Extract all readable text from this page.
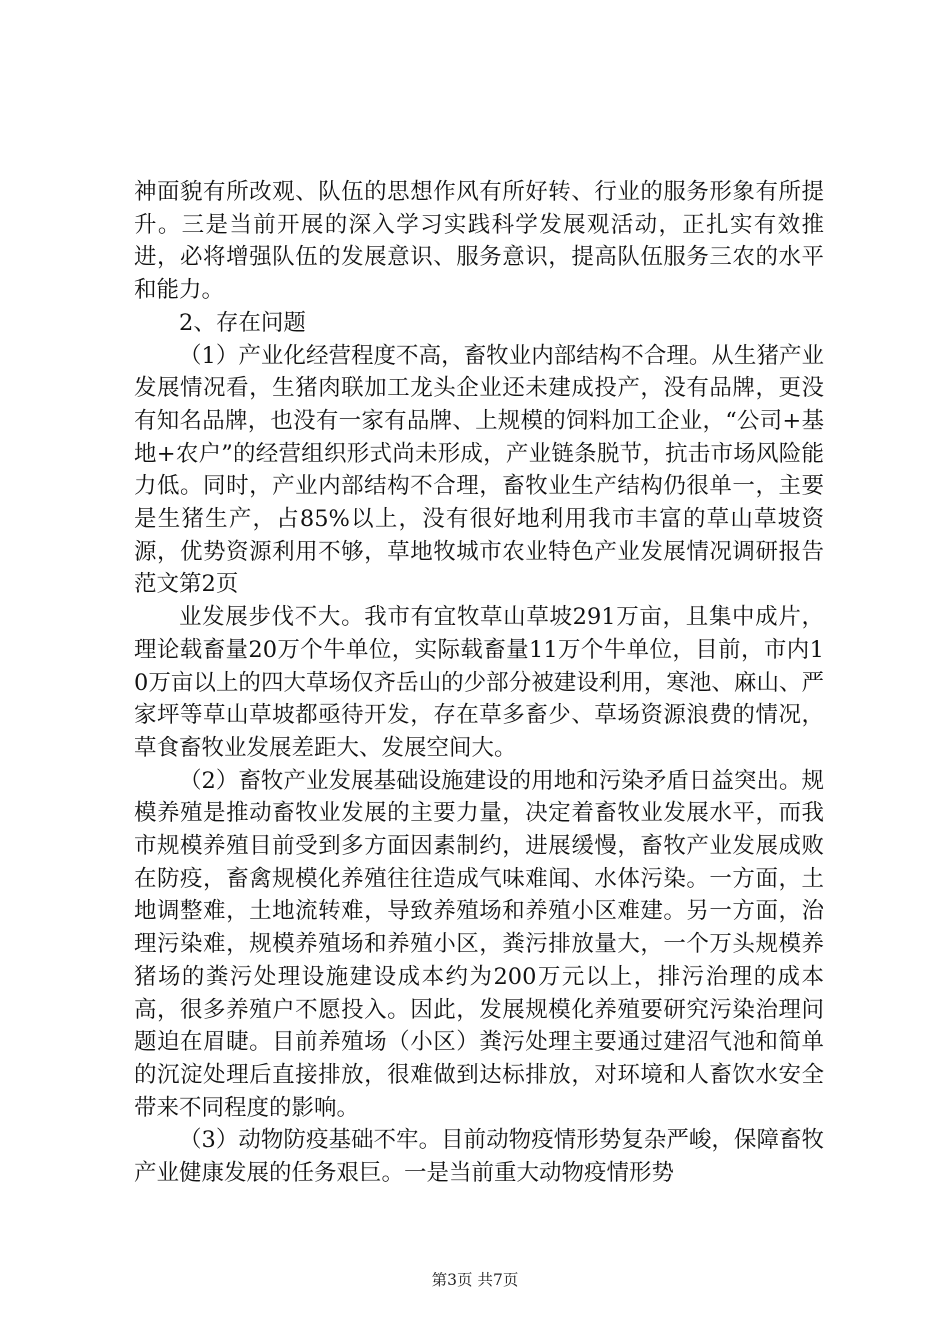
神面貌有所改观、队伍的思想作风有所好转、行业的服务形象有所提升。三是当前开展的深入学习实践科学发展观活动，正扎实有效推进，必将增强队伍的发展意识、服务意识，提高队伍服务三农的水平和能力。

2、存在问题

（1）产业化经营程度不高，畜牧业内部结构不合理。从生猪产业发展情况看，生猪肉联加工龙头企业还未建成投产，没有品牌，更没有知名品牌，也没有一家有品牌、上规模的饲料加工企业，“公司+基地+农户”的经营组织形式尚未形成，产业链条脱节，抗击市场风险能力低。同时，产业内部结构不合理，畜牧业生产结构仍很单一，主要是生猪生产，占85%以上，没有很好地利用我市丰富的草山草坡资源，优势资源利用不够，草地牧城市农业特色产业发展情况调研报告范文第2页

业发展步伐不大。我市有宜牧草山草坡291万亩，且集中成片，理论载畜量20万个牛单位，实际载畜量11万个牛单位，目前，市内10万亩以上的四大草场仅齐岳山的少部分被建设利用，寒池、麻山、严家坪等草山草坡都亟待开发，存在草多畜少、草场资源浪费的情况，草食畜牧业发展差距大、发展空间大。

（2）畜牧产业发展基础设施建设的用地和污染矛盾日益突出。规模养殖是推动畜牧业发展的主要力量，决定着畜牧业发展水平，而我市规模养殖目前受到多方面因素制约，进展缓慢，畜牧产业发展成败在防疫，畜禽规模化养殖往往造成气味难闻、水体污染。一方面，土地调整难，土地流转难，导致养殖场和养殖小区难建。另一方面，治理污染难，规模养殖场和养殖小区，粪污排放量大，一个万头规模养猪场的粪污处理设施建设成本约为200万元以上，排污治理的成本高，很多养殖户不愿投入。因此，发展规模化养殖要研究污染治理问题迫在眉睫。目前养殖场（小区）粪污处理主要通过建沼气池和简单的沉淀处理后直接排放，很难做到达标排放，对环境和人畜饮水安全带来不同程度的影响。

（3）动物防疫基础不牢。目前动物疫情形势复杂严峻，保障畜牧产业健康发展的任务艰巨。一是当前重大动物疫情形势

第3页 共7页
